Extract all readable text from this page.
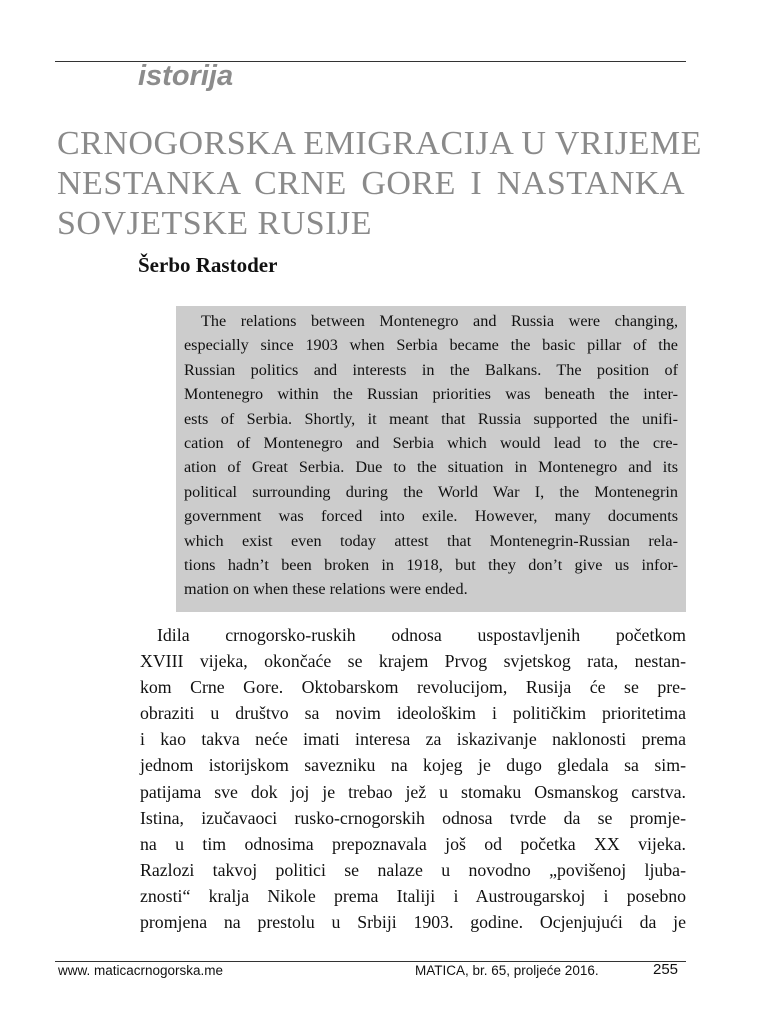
istorija
CRNOGORSKA EMIGRACIJA U VRIJEME
NESTANKA CRNE GORE I NASTANKA
SOVJETSKE RUSIJE
Šerbo Rastoder

The relations between Montenegro and Russia were changing,
especially since 1903 when Serbia became the basic pillar of the
Russian politics and interests in the Balkans. The position of
Montenegro within the Russian priorities was beneath the inter-
ests of Serbia. Shortly, it meant that Russia supported the unifi-
cation of Montenegro and Serbia which would lead to the cre-
ation of Great Serbia. Due to the situation in Montenegro and its
political surrounding during the World War I, the Montenegrin
government was forced into exile. However, many documents
which exist even today attest that Montenegrin-Russian rela-
tions hadn’t been broken in 1918, but they don’t give us infor-
mation on when these relations were ended.

Idila crnogorsko-ruskih odnosa uspostavljenih početkom
XVIII vijeka, okončaće se krajem Prvog svjetskog rata, nestan-
kom Crne Gore. Oktobarskom revolucijom, Rusija će se pre-
obraziti u društvo sa novim ideološkim i političkim prioritetima
i kao takva neće imati interesa za iskazivanje naklonosti prema
jednom istorijskom savezniku na kojeg je dugo gledala sa sim-
patijama sve dok joj je trebao jež u stomaku Osmanskog carstva.
Istina, izučavaoci rusko-crnogorskih odnosa tvrde da se promje-
na u tim odnosima prepoznavala još od početka XX vijeka.
Razlozi takvoj politici se nalaze u novodno „povišenoj ljuba-
znosti“ kralja Nikole prema Italiji i Austrougarskoj i posebno
promjena na prestolu u Srbiji 1903. godine. Ocjenjujući da je

www. maticacrnogorska.me	MATICA, br. 65, proljeće 2016.	255
